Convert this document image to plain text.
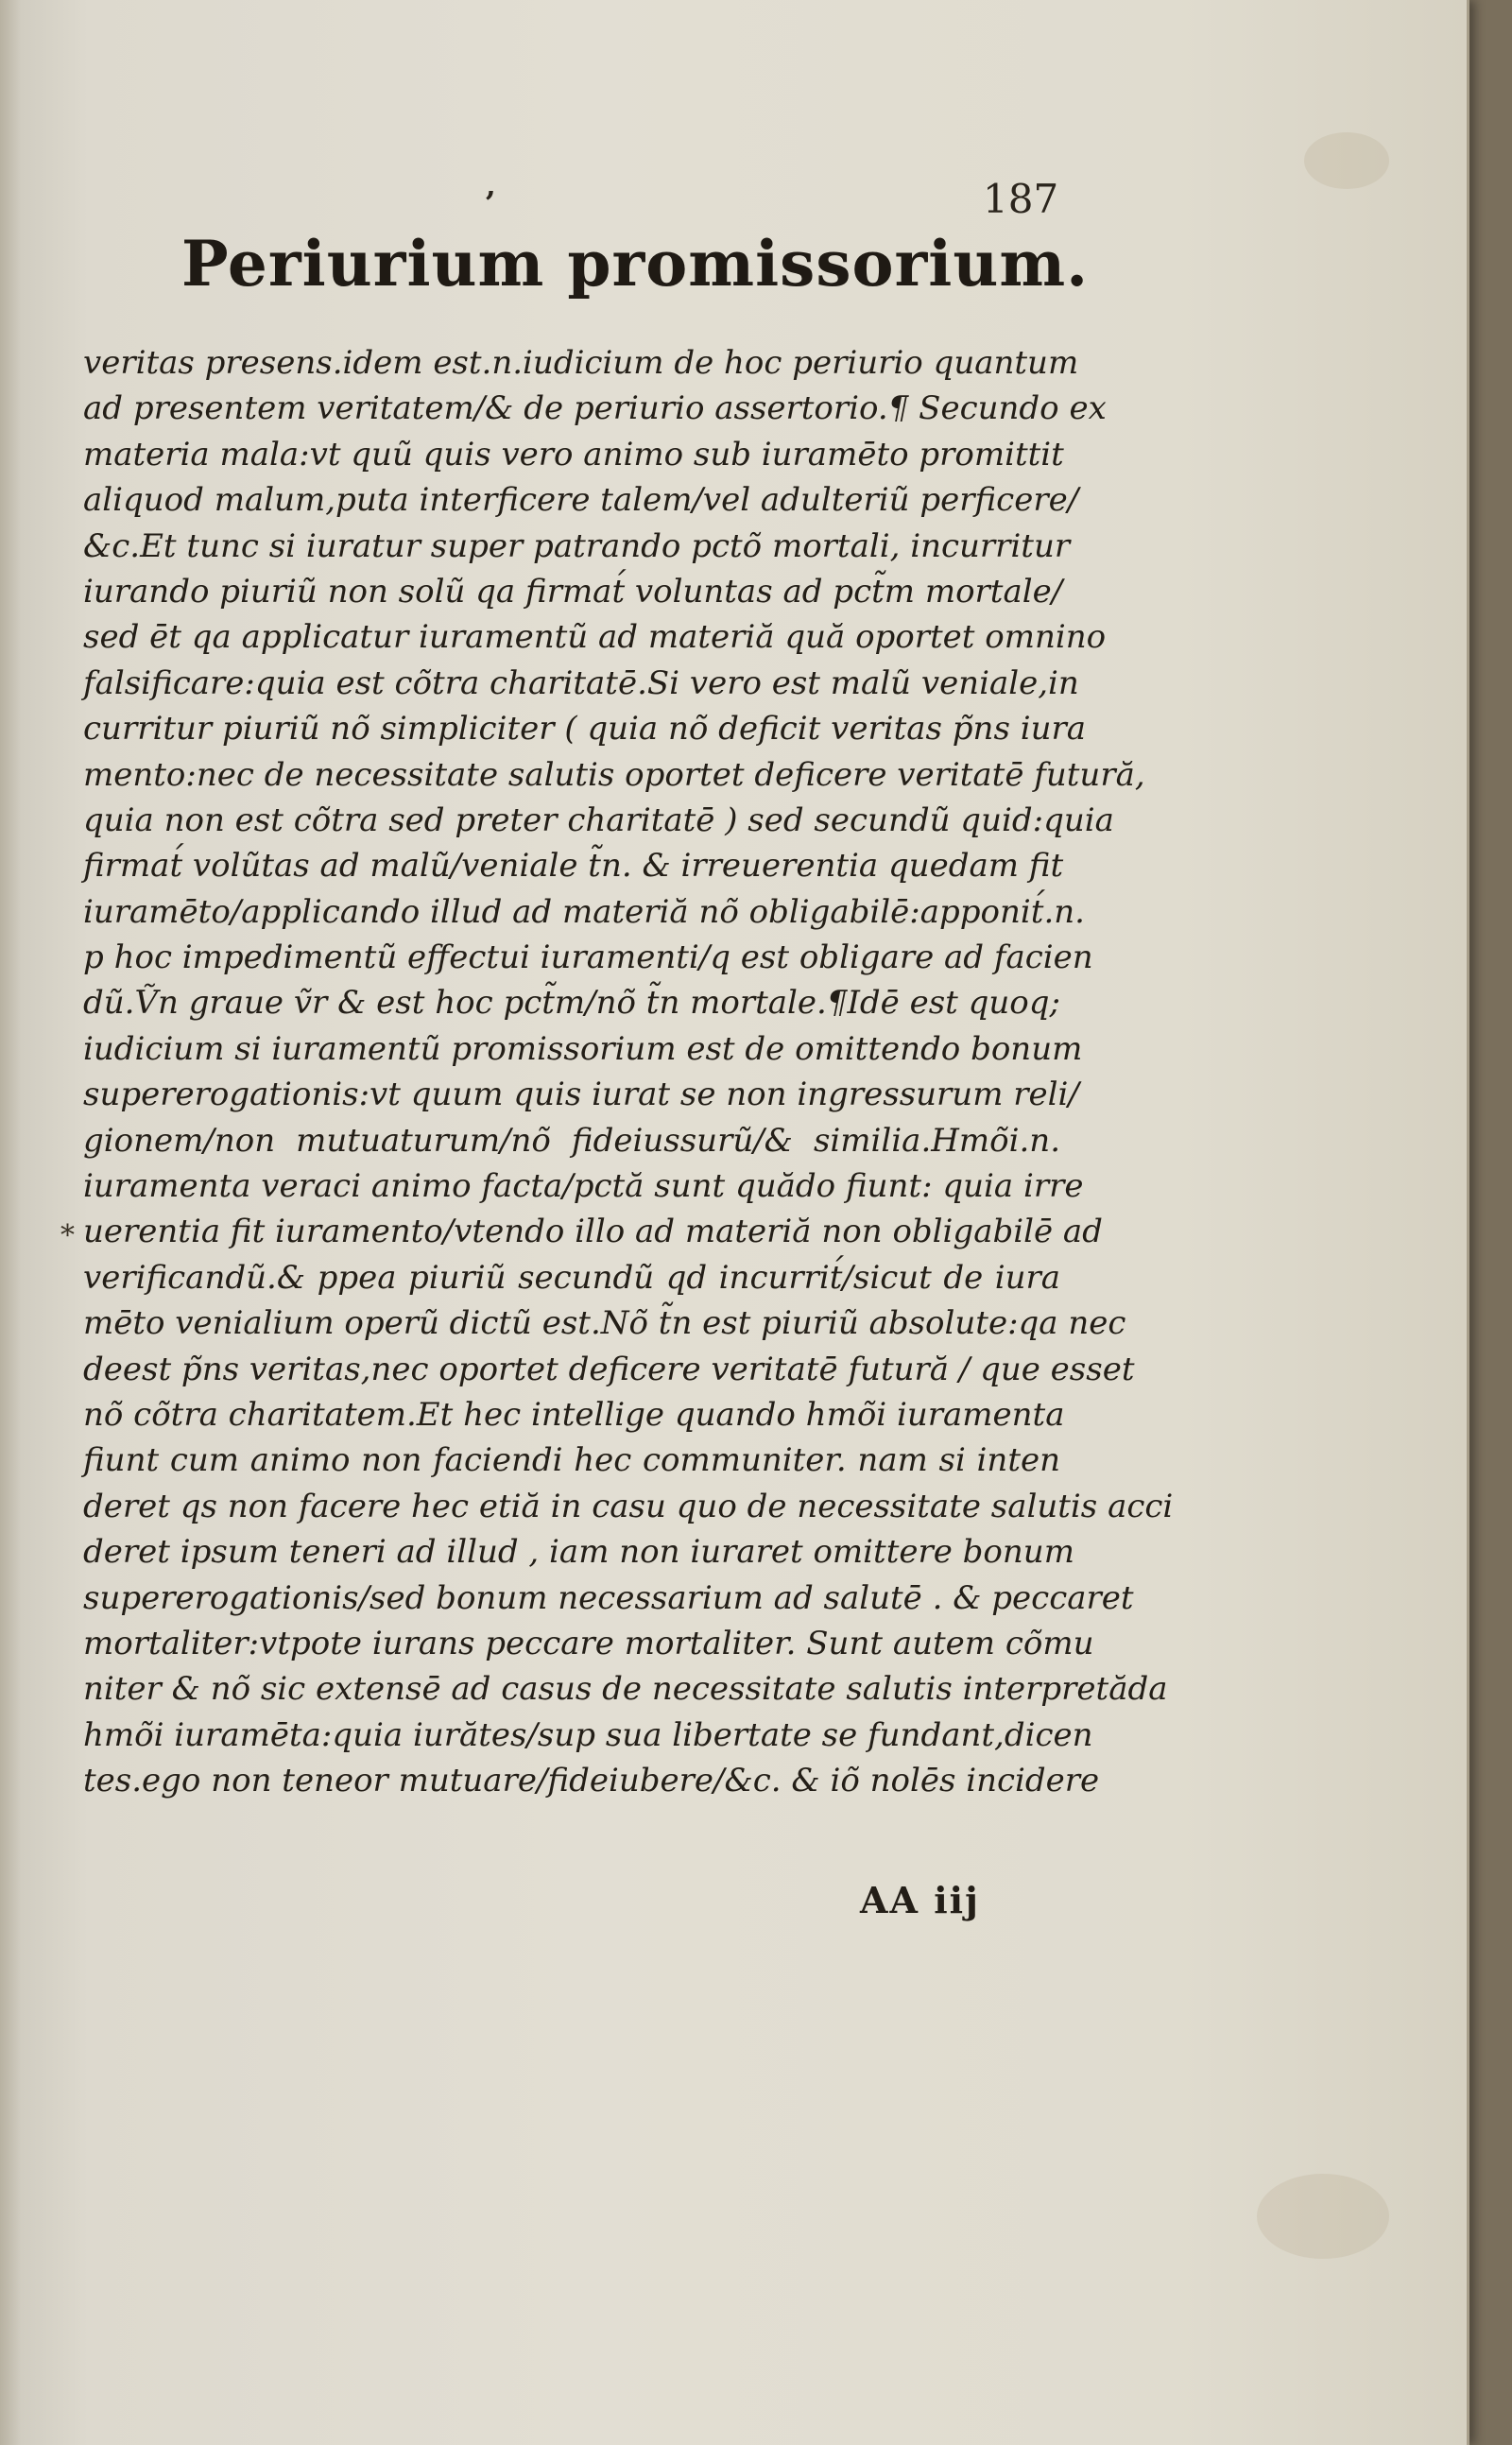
ʼ	187
Periurium promissorium.
veritas presens.idem est.n.iudicium de hoc periurio quantum
ad presentem veritatem/& de periurio assertorio.¶ Secundo ex
materia mala:vt quũ quis vero animo sub iuramēto promittit
aliquod malum,puta interficere talem/vel adulteriũ perficere/
&c.Et tunc si iuratur super patrando pctõ mortali, incurritur
iurando piuriũ non solũ qa firmat́ voluntas ad pct̃m mortale/
sed ēt qa applicatur iuramentũ ad materiă quă oportet omnino
falsificare:quia est cõtra charitatē.Si vero est malũ veniale,in
curritur piuriũ nõ simpliciter ( quia nõ deficit veritas p̃ns iura
mento:nec de necessitate salutis oportet deficere veritatē futură,
quia non est cõtra sed preter charitatē ) sed secundũ quid:quia
firmat́ volũtas ad malũ/veniale t̃n. & irreuerentia quedam fit
iuramēto/applicando illud ad materiă nõ obligabilē:apponit́.n.
p hoc impedimentũ effectui iuramenti/q est obligare ad facien
dũ.Ṽn graue ṽr & est hoc pct̃m/nõ t̃n mortale.¶Idē est quoq;
iudicium si iuramentũ promissorium est de omittendo bonum
supererogationis:vt quum quis iurat se non ingressurum reli/
gionem/non mutuaturum/nõ fideiussurũ/& similia.Hmõi.n.
iuramenta veraci animo facta/pctă sunt quădo fiunt: quia irre
uerentia fit iuramento/vtendo illo ad materiă non obligabilē ad
verificandũ.& ppea piuriũ secundũ qd incurrit́/sicut de iura
mēto venialium operũ dictũ est.Nõ t̃n est piuriũ absolute:qa nec
deest p̃ns veritas,nec oportet deficere veritatē futură / que esset
nõ cõtra charitatem.Et hec intellige quando hmõi iuramenta
fiunt cum animo non faciendi hec communiter. nam si inten
deret qs non facere hec etiă in casu quo de necessitate salutis acci
deret ipsum teneri ad illud , iam non iuraret omittere bonum
supererogationis/sed bonum necessarium ad salutē . & peccaret
mortaliter:vtpote iurans peccare mortaliter. Sunt autem cõmu
niter & nõ sic extensē ad casus de necessitate salutis interpretăda
hmõi iuramēta:quia iurătes/sup sua libertate se fundant,dicen
tes.ego non teneor mutuare/fideiubere/&c. & iõ nolēs incidere
*
AA iij
